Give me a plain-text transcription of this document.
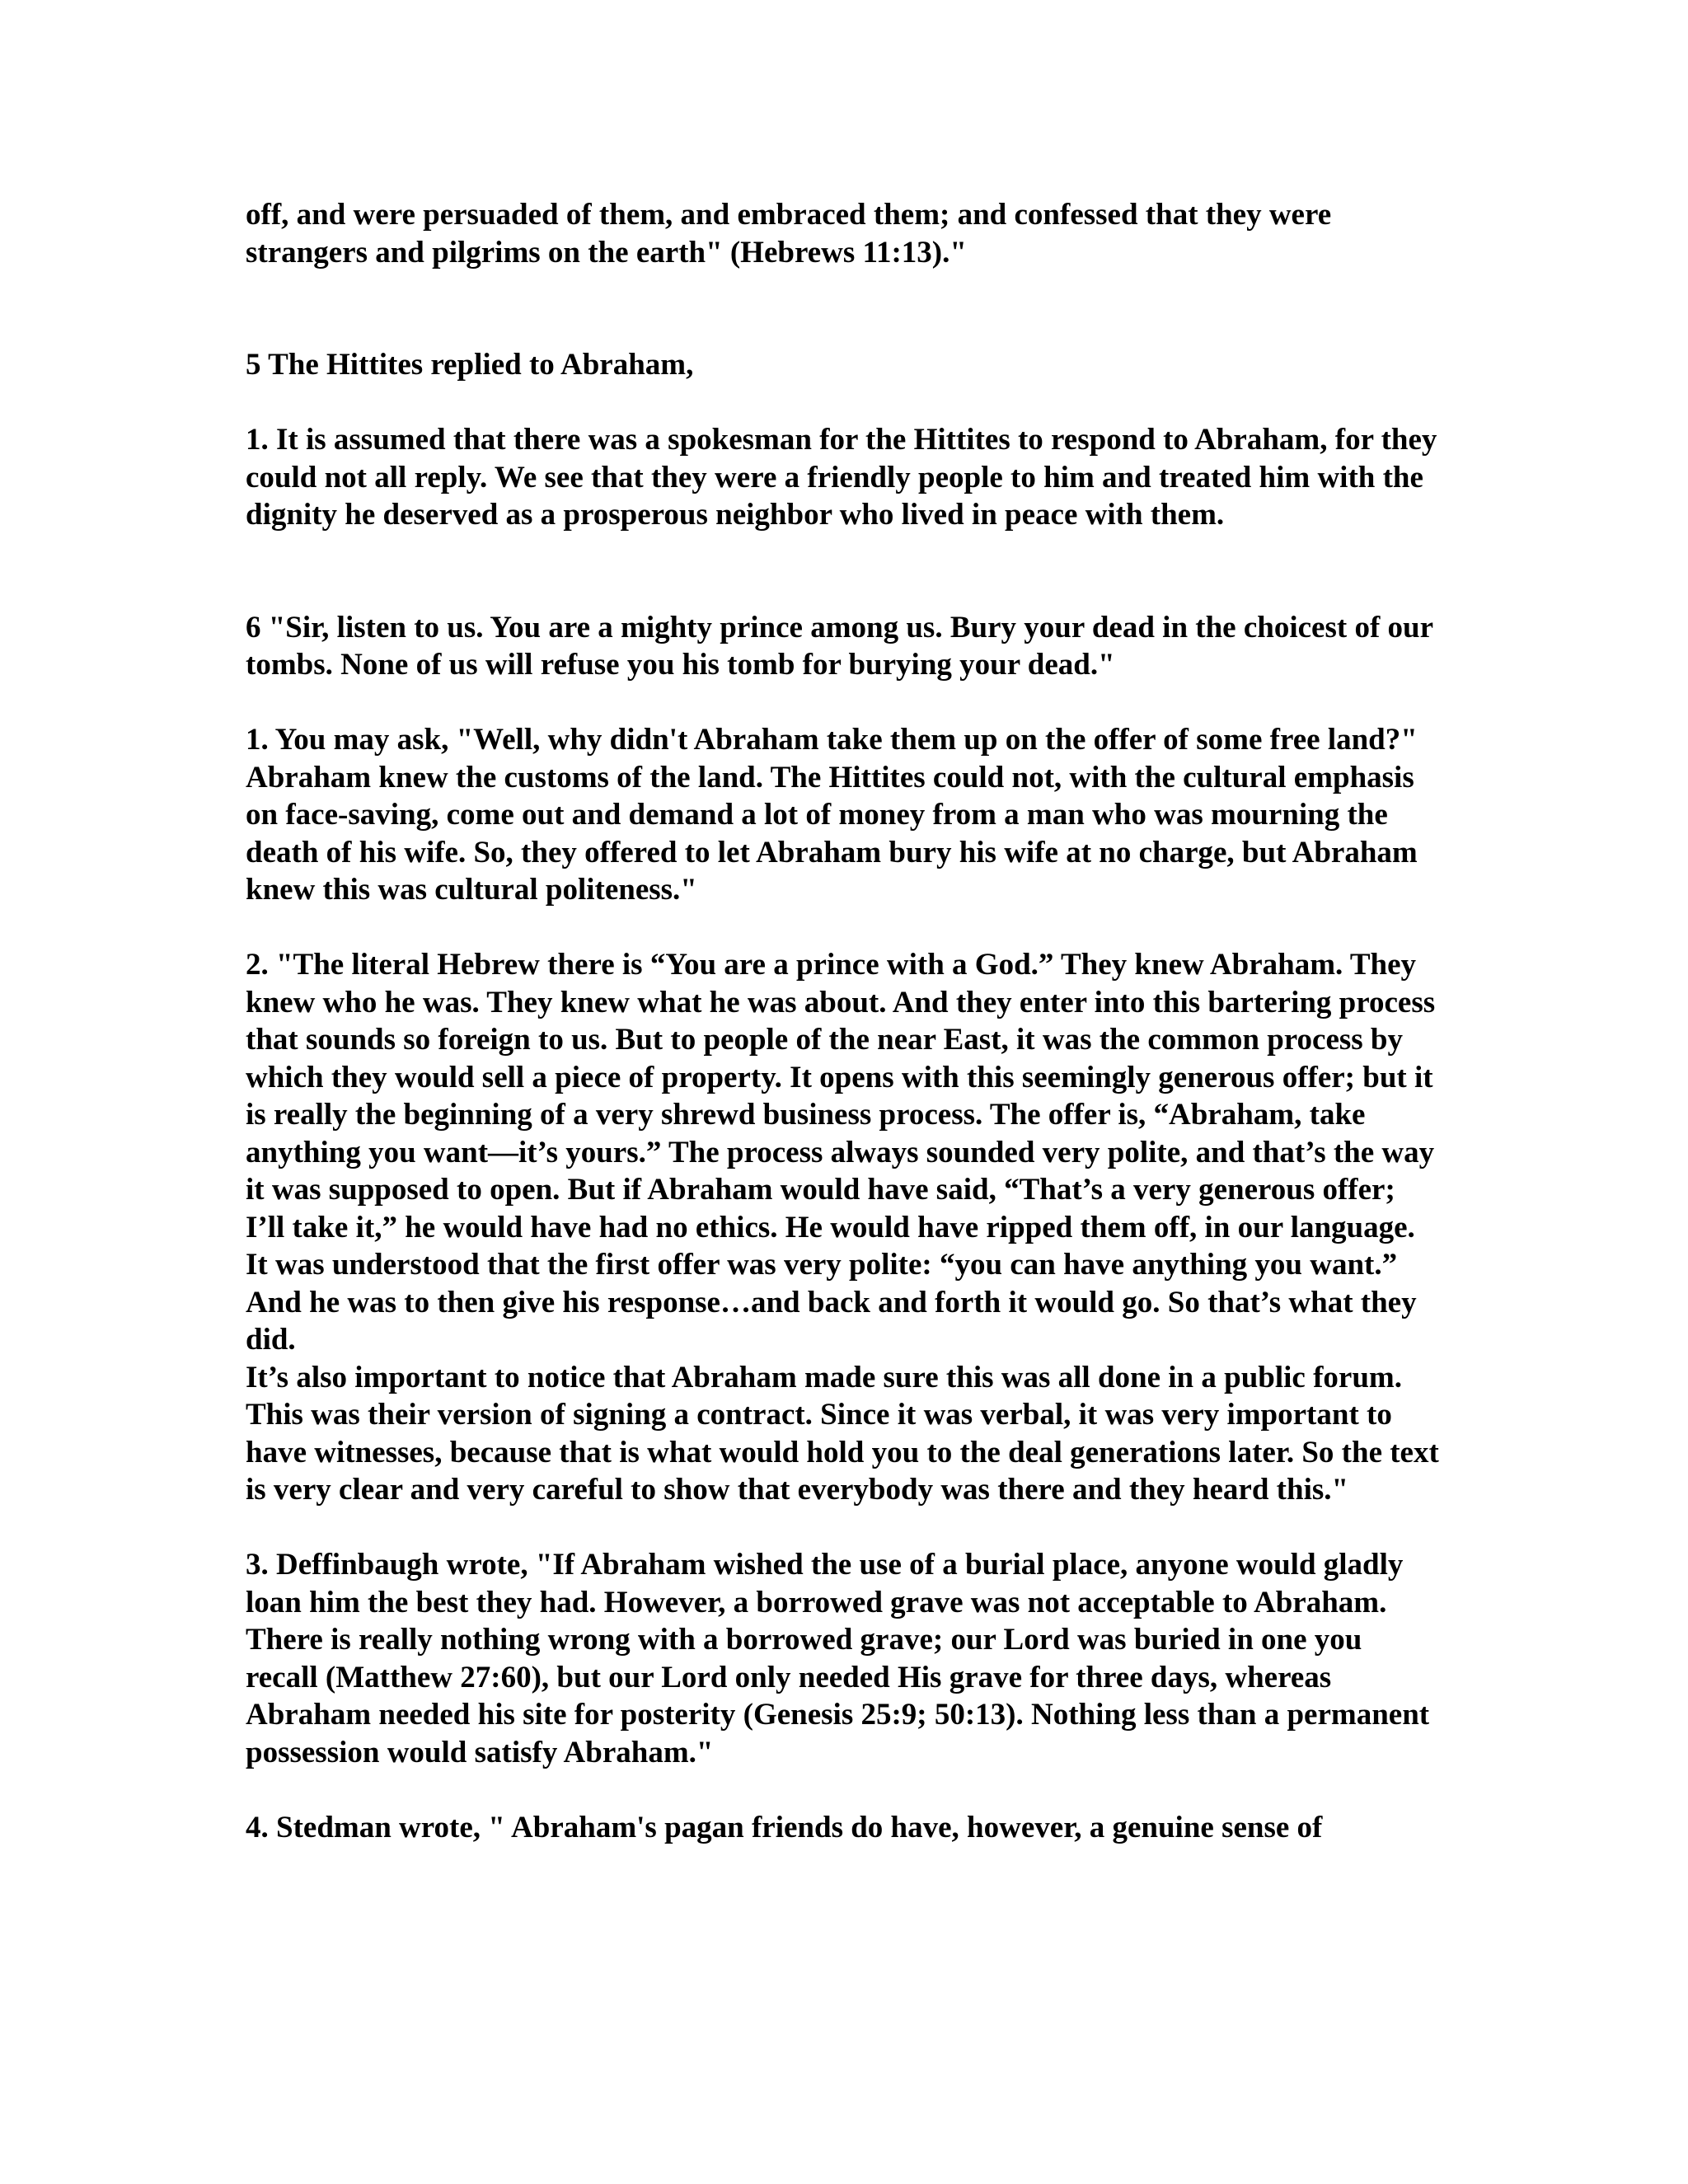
off, and were persuaded of them, and embraced them; and confessed that they were strangers and pilgrims on the earth" (Hebrews 11:13)."

5 The Hittites replied to Abraham,

1. It is assumed that there was a spokesman for the Hittites to respond to Abraham, for they could not all reply. We see that they were a friendly people to him and treated him with the dignity he deserved as a prosperous neighbor who lived in peace with them.

6 "Sir, listen to us. You are a mighty prince among us. Bury your dead in the choicest of our tombs. None of us will refuse you his tomb for burying your dead."

1. You may ask, "Well, why didn't Abraham take them up on the offer of some free land?" Abraham knew the customs of the land. The Hittites could not, with the cultural emphasis on face-saving, come out and demand a lot of money from a man who was mourning the death of his wife. So, they offered to let Abraham bury his wife at no charge, but Abraham knew this was cultural politeness."

2. "The literal Hebrew there is “You are a prince with a God.” They knew Abraham. They knew who he was. They knew what he was about. And they enter into this bartering process that sounds so foreign to us. But to people of the near East, it was the common process by which they would sell a piece of property. It opens with this seemingly generous offer; but it is really the beginning of a very shrewd business process. The offer is, “Abraham, take anything you want—it’s yours.” The process always sounded very polite, and that’s the way it was supposed to open. But if Abraham would have said, “That’s a very generous offer; I’ll take it,” he would have had no ethics. He would have ripped them off, in our language. It was understood that the first offer was very polite: “you can have anything you want.” And he was to then give his response…and back and forth it would go. So that’s what they did.

It’s also important to notice that Abraham made sure this was all done in a public forum. This was their version of signing a contract. Since it was verbal, it was very important to have witnesses, because that is what would hold you to the deal generations later. So the text is very clear and very careful to show that everybody was there and they heard this."

3. Deffinbaugh wrote, "If Abraham wished the use of a burial place, anyone would gladly loan him the best they had. However, a borrowed grave was not acceptable to Abraham. There is really nothing wrong with a borrowed grave; our Lord was buried in one you recall (Matthew 27:60), but our Lord only needed His grave for three days, whereas Abraham needed his site for posterity (Genesis 25:9; 50:13). Nothing less than a permanent possession would satisfy Abraham."

4. Stedman wrote, " Abraham's pagan friends do have, however, a genuine sense of
